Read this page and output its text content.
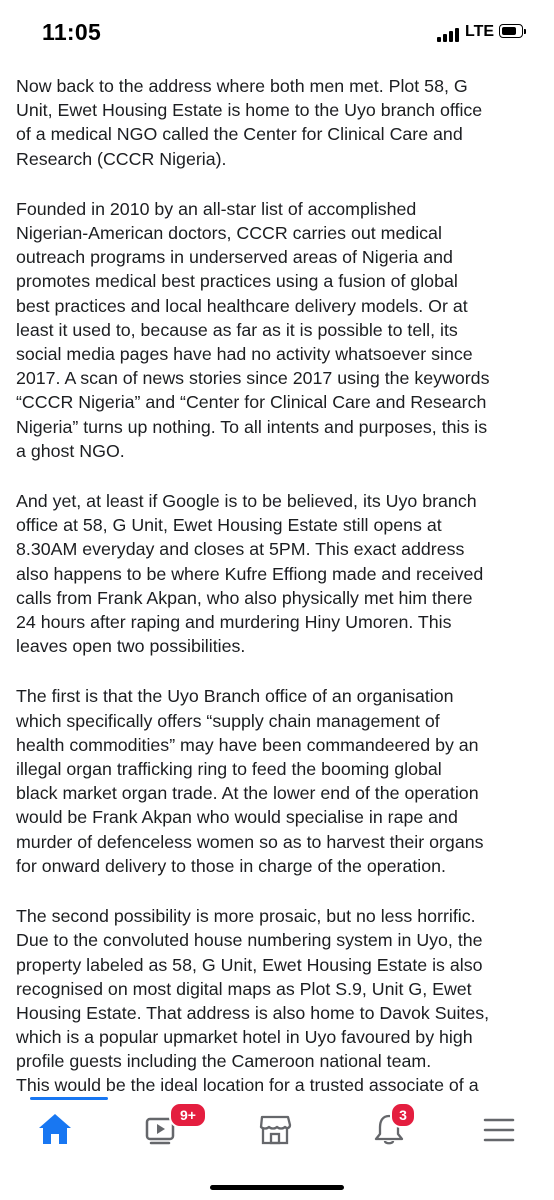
11:05	LTE

Now back to the address where both men met. Plot 58, G
Unit, Ewet Housing Estate is home to the Uyo branch office
of a medical NGO called the Center for Clinical Care and
Research (CCCR Nigeria).

Founded in 2010 by an all-star list of accomplished
Nigerian-American doctors, CCCR carries out medical
outreach programs in underserved areas of Nigeria and
promotes medical best practices using a fusion of global
best practices and local healthcare delivery models. Or at
least it used to, because as far as it is possible to tell, its
social media pages have had no activity whatsoever since
2017. A scan of news stories since 2017 using the keywords
“CCCR Nigeria” and “Center for Clinical Care and Research
Nigeria” turns up nothing. To all intents and purposes, this is
a ghost NGO.

And yet, at least if Google is to be believed, its Uyo branch
office at 58, G Unit, Ewet Housing Estate still opens at
8.30AM everyday and closes at 5PM. This exact address
also happens to be where Kufre Effiong made and received
calls from Frank Akpan, who also physically met him there
24 hours after raping and murdering Hiny Umoren. This
leaves open two possibilities.

The first is that the Uyo Branch office of an organisation
which specifically offers “supply chain management of
health commodities” may have been commandeered by an
illegal organ trafficking ring to feed the booming global
black market organ trade. At the lower end of the operation
would be Frank Akpan who would specialise in rape and
murder of defenceless women so as to harvest their organs
for onward delivery to those in charge of the operation.

The second possibility is more prosaic, but no less horrific.
Due to the convoluted house numbering system in Uyo, the
property labeled as 58, G Unit, Ewet Housing Estate is also
recognised on most digital maps as Plot S.9, Unit G, Ewet
Housing Estate. That address is also home to Davok Suites,
which is a popular upmarket hotel in Uyo favoured by high
profile guests including the Cameroon national team.

This would be the ideal location for a trusted associate of a

9+	3
